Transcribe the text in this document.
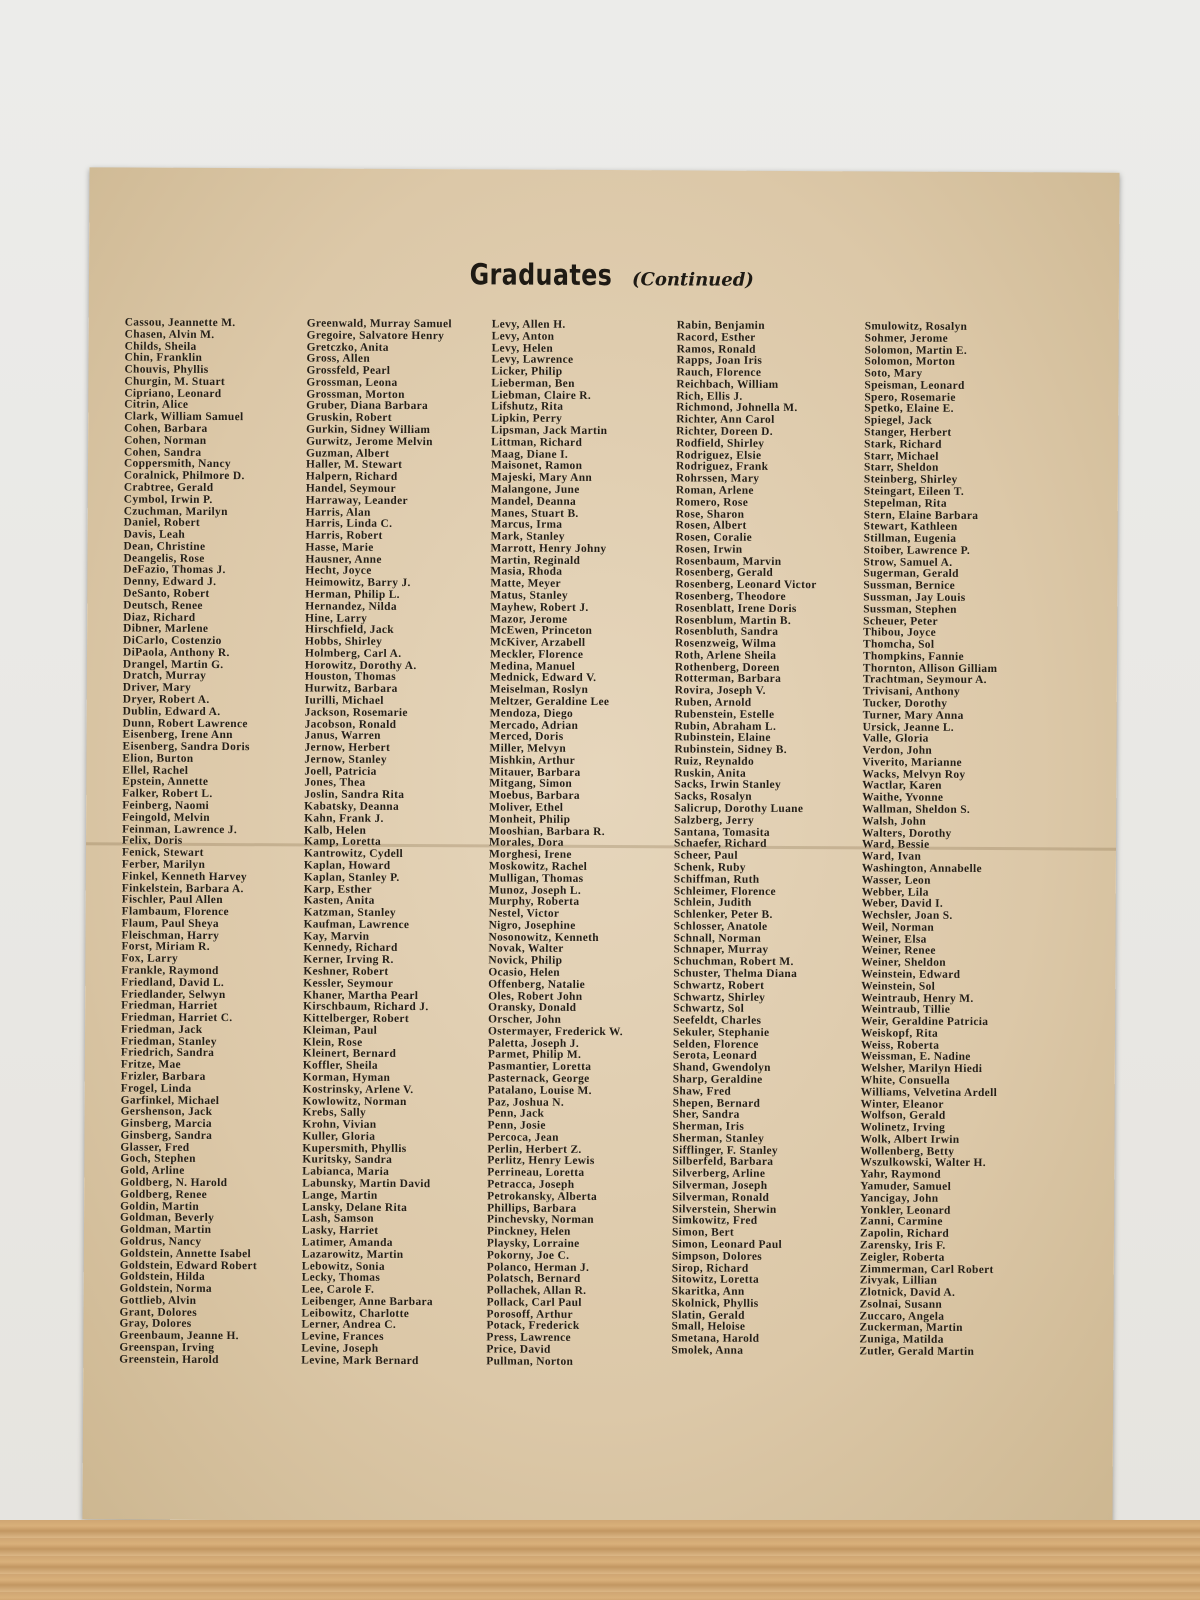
Graduates (Continued)
Cassou, Jeannette M.
Chasen, Alvin M.
Childs, Sheila
Chin, Franklin
Chouvis, Phyllis
Churgin, M. Stuart
Cipriano, Leonard
Citrin, Alice
Clark, William Samuel
Cohen, Barbara
Cohen, Norman
Cohen, Sandra
Coppersmith, Nancy
Coralnick, Philmore D.
Crabtree, Gerald
Cymbol, Irwin P.
Czuchman, Marilyn
Daniel, Robert
Davis, Leah
Dean, Christine
Deangelis, Rose
DeFazio, Thomas J.
Denny, Edward J.
DeSanto, Robert
Deutsch, Renee
Diaz, Richard
Dibner, Marlene
DiCarlo, Costenzio
DiPaola, Anthony R.
Drangel, Martin G.
Dratch, Murray
Driver, Mary
Dryer, Robert A.
Dublin, Edward A.
Dunn, Robert Lawrence
Eisenberg, Irene Ann
Eisenberg, Sandra Doris
Elion, Burton
Ellel, Rachel
Epstein, Annette
Falker, Robert L.
Feinberg, Naomi
Feingold, Melvin
Feinman, Lawrence J.
Felix, Doris
Fenick, Stewart
Ferber, Marilyn
Finkel, Kenneth Harvey
Finkelstein, Barbara A.
Fischler, Paul Allen
Flambaum, Florence
Flaum, Paul Sheya
Fleischman, Harry
Forst, Miriam R.
Fox, Larry
Frankle, Raymond
Friedland, David L.
Friedlander, Selwyn
Friedman, Harriet
Friedman, Harriet C.
Friedman, Jack
Friedman, Stanley
Friedrich, Sandra
Fritze, Mae
Frizler, Barbara
Frogel, Linda
Garfinkel, Michael
Gershenson, Jack
Ginsberg, Marcia
Ginsberg, Sandra
Glasser, Fred
Goch, Stephen
Gold, Arline
Goldberg, N. Harold
Goldberg, Renee
Goldin, Martin
Goldman, Beverly
Goldman, Martin
Goldrus, Nancy
Goldstein, Annette Isabel
Goldstein, Edward Robert
Goldstein, Hilda
Goldstein, Norma
Gottlieb, Alvin
Grant, Dolores
Gray, Dolores
Greenbaum, Jeanne H.
Greenspan, Irving
Greenstein, Harold
Greenwald, Murray Samuel
Gregoire, Salvatore Henry
Gretczko, Anita
Gross, Allen
Grossfeld, Pearl
Grossman, Leona
Grossman, Morton
Gruber, Diana Barbara
Gruskin, Robert
Gurkin, Sidney William
Gurwitz, Jerome Melvin
Guzman, Albert
Haller, M. Stewart
Halpern, Richard
Handel, Seymour
Harraway, Leander
Harris, Alan
Harris, Linda C.
Harris, Robert
Hasse, Marie
Hausner, Anne
Hecht, Joyce
Heimowitz, Barry J.
Herman, Philip L.
Hernandez, Nilda
Hine, Larry
Hirschfield, Jack
Hobbs, Shirley
Holmberg, Carl A.
Horowitz, Dorothy A.
Houston, Thomas
Hurwitz, Barbara
Iurilli, Michael
Jackson, Rosemarie
Jacobson, Ronald
Janus, Warren
Jernow, Herbert
Jernow, Stanley
Joell, Patricia
Jones, Thea
Joslin, Sandra Rita
Kabatsky, Deanna
Kahn, Frank J.
Kalb, Helen
Kamp, Loretta
Kantrowitz, Cydell
Kaplan, Howard
Kaplan, Stanley P.
Karp, Esther
Kasten, Anita
Katzman, Stanley
Kaufman, Lawrence
Kay, Marvin
Kennedy, Richard
Kerner, Irving R.
Keshner, Robert
Kessler, Seymour
Khaner, Martha Pearl
Kirschbaum, Richard J.
Kittelberger, Robert
Kleiman, Paul
Klein, Rose
Kleinert, Bernard
Koffler, Sheila
Korman, Hyman
Kostrinsky, Arlene V.
Kowlowitz, Norman
Krebs, Sally
Krohn, Vivian
Kuller, Gloria
Kupersmith, Phyllis
Kuritsky, Sandra
Labianca, Maria
Labunsky, Martin David
Lange, Martin
Lansky, Delane Rita
Lash, Samson
Lasky, Harriet
Latimer, Amanda
Lazarowitz, Martin
Lebowitz, Sonia
Lecky, Thomas
Lee, Carole F.
Leibenger, Anne Barbara
Leibowitz, Charlotte
Lerner, Andrea C.
Levine, Frances
Levine, Joseph
Levine, Mark Bernard
Levy, Allen H.
Levy, Anton
Levy, Helen
Levy, Lawrence
Licker, Philip
Lieberman, Ben
Liebman, Claire R.
Lifshutz, Rita
Lipkin, Perry
Lipsman, Jack Martin
Littman, Richard
Maag, Diane I.
Maisonet, Ramon
Majeski, Mary Ann
Malangone, June
Mandel, Deanna
Manes, Stuart B.
Marcus, Irma
Mark, Stanley
Marrott, Henry Johny
Martin, Reginald
Masia, Rhoda
Matte, Meyer
Matus, Stanley
Mayhew, Robert J.
Mazor, Jerome
McEwen, Princeton
McKiver, Arzabell
Meckler, Florence
Medina, Manuel
Mednick, Edward V.
Meiselman, Roslyn
Meltzer, Geraldine Lee
Mendoza, Diego
Mercado, Adrian
Merced, Doris
Miller, Melvyn
Mishkin, Arthur
Mitauer, Barbara
Mitgang, Simon
Moebus, Barbara
Moliver, Ethel
Monheit, Philip
Mooshian, Barbara R.
Morales, Dora
Morghesi, Irene
Moskowitz, Rachel
Mulligan, Thomas
Munoz, Joseph L.
Murphy, Roberta
Nestel, Victor
Nigro, Josephine
Nosonowitz, Kenneth
Novak, Walter
Novick, Philip
Ocasio, Helen
Offenberg, Natalie
Oles, Robert John
Oransky, Donald
Orscher, John
Ostermayer, Frederick W.
Paletta, Joseph J.
Parmet, Philip M.
Pasmantier, Loretta
Pasternack, George
Patalano, Louise M.
Paz, Joshua N.
Penn, Jack
Penn, Josie
Percoca, Jean
Perlin, Herbert Z.
Perlitz, Henry Lewis
Perrineau, Loretta
Petracca, Joseph
Petrokansky, Alberta
Phillips, Barbara
Pinchevsky, Norman
Pinckney, Helen
Playsky, Lorraine
Pokorny, Joe C.
Polanco, Herman J.
Polatsch, Bernard
Pollachek, Allan R.
Pollack, Carl Paul
Porosoff, Arthur
Potack, Frederick
Press, Lawrence
Price, David
Pullman, Norton
Rabin, Benjamin
Racord, Esther
Ramos, Ronald
Rapps, Joan Iris
Rauch, Florence
Reichbach, William
Rich, Ellis J.
Richmond, Johnella M.
Richter, Ann Carol
Richter, Doreen D.
Rodfield, Shirley
Rodriguez, Elsie
Rodriguez, Frank
Rohrssen, Mary
Roman, Arlene
Romero, Rose
Rose, Sharon
Rosen, Albert
Rosen, Coralie
Rosen, Irwin
Rosenbaum, Marvin
Rosenberg, Gerald
Rosenberg, Leonard Victor
Rosenberg, Theodore
Rosenblatt, Irene Doris
Rosenblum, Martin B.
Rosenbluth, Sandra
Rosenzweig, Wilma
Roth, Arlene Sheila
Rothenberg, Doreen
Rotterman, Barbara
Rovira, Joseph V.
Ruben, Arnold
Rubenstein, Estelle
Rubin, Abraham L.
Rubinstein, Elaine
Rubinstein, Sidney B.
Ruiz, Reynaldo
Ruskin, Anita
Sacks, Irwin Stanley
Sacks, Rosalyn
Salicrup, Dorothy Luane
Salzberg, Jerry
Santana, Tomasita
Schaefer, Richard
Scheer, Paul
Schenk, Ruby
Schiffman, Ruth
Schleimer, Florence
Schlein, Judith
Schlenker, Peter B.
Schlosser, Anatole
Schnall, Norman
Schnaper, Murray
Schuchman, Robert M.
Schuster, Thelma Diana
Schwartz, Robert
Schwartz, Shirley
Schwartz, Sol
Seefeldt, Charles
Sekuler, Stephanie
Selden, Florence
Serota, Leonard
Shand, Gwendolyn
Sharp, Geraldine
Shaw, Fred
Shepen, Bernard
Sher, Sandra
Sherman, Iris
Sherman, Stanley
Sifflinger, F. Stanley
Silberfeld, Barbara
Silverberg, Arline
Silverman, Joseph
Silverman, Ronald
Silverstein, Sherwin
Simkowitz, Fred
Simon, Bert
Simon, Leonard Paul
Simpson, Dolores
Sirop, Richard
Sitowitz, Loretta
Skaritka, Ann
Skolnick, Phyllis
Slatin, Gerald
Small, Heloise
Smetana, Harold
Smolek, Anna
Smulowitz, Rosalyn
Sohmer, Jerome
Solomon, Martin E.
Solomon, Morton
Soto, Mary
Speisman, Leonard
Spero, Rosemarie
Spetko, Elaine E.
Spiegel, Jack
Stanger, Herbert
Stark, Richard
Starr, Michael
Starr, Sheldon
Steinberg, Shirley
Steingart, Eileen T.
Stepelman, Rita
Stern, Elaine Barbara
Stewart, Kathleen
Stillman, Eugenia
Stoiber, Lawrence P.
Strow, Samuel A.
Sugerman, Gerald
Sussman, Bernice
Sussman, Jay Louis
Sussman, Stephen
Scheuer, Peter
Thibou, Joyce
Thomcha, Sol
Thompkins, Fannie
Thornton, Allison Gilliam
Trachtman, Seymour A.
Trivisani, Anthony
Tucker, Dorothy
Turner, Mary Anna
Ursick, Jeanne L.
Valle, Gloria
Verdon, John
Viverito, Marianne
Wacks, Melvyn Roy
Wactlar, Karen
Waithe, Yvonne
Wallman, Sheldon S.
Walsh, John
Walters, Dorothy
Ward, Bessie
Ward, Ivan
Washington, Annabelle
Wasser, Leon
Webber, Lila
Weber, David I.
Wechsler, Joan S.
Weil, Norman
Weiner, Elsa
Weiner, Renee
Weiner, Sheldon
Weinstein, Edward
Weinstein, Sol
Weintraub, Henry M.
Weintraub, Tillie
Weir, Geraldine Patricia
Weiskopf, Rita
Weiss, Roberta
Weissman, E. Nadine
Welsher, Marilyn Hiedi
White, Consuella
Williams, Velvetina Ardell
Winter, Eleanor
Wolfson, Gerald
Wolinetz, Irving
Wolk, Albert Irwin
Wollenberg, Betty
Wszulkowski, Walter H.
Yahr, Raymond
Yamuder, Samuel
Yancigay, John
Yonkler, Leonard
Zanni, Carmine
Zapolin, Richard
Zarensky, Iris F.
Zeigler, Roberta
Zimmerman, Carl Robert
Zivyak, Lillian
Zlotnick, David A.
Zsolnai, Susann
Zuccaro, Angela
Zuckerman, Martin
Zuniga, Matilda
Zutler, Gerald Martin
